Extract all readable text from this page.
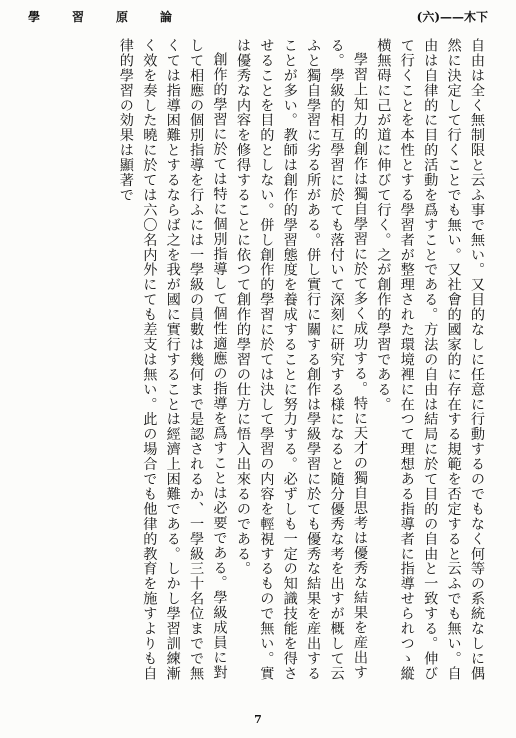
學　習　原　論	(六)——木下

自由は全く無制限と云ふ事で無い。又目的なしに任意に行動するのでもなく何等の系統なしに偶然に決定して行くことでも無い。又社會的國家的に存在する規範を否定すると云ふでも無い。自由は自律的に目的活動を爲すことである。方法の自由は結局に於て目的の自由と一致する。伸びて行くことを本性とする學習者が整理された環境裡に在つて理想ある指導者に指導せられつゝ縱横無碍に己が道に伸びて行く。之が創作的學習である。

學習上知力的創作は獨自學習に於て多く成功する。特に天才の獨自思考は優秀な結果を産出する。學級的相互學習に於ても落付いて深刻に研究する様になると隨分優秀な考を出すが概して云ふと獨自學習に劣る所がある。併し實行に關する創作は學級學習に於ても優秀な結果を産出することが多い。教師は創作的學習態度を養成することに努力する。必ずしも一定の知識技能を得させることを目的としない。併し創作的學習に於ては決して學習の内容を輕視するもので無い。實は優秀な内容を修得することに依つて創作的學習の仕方に悟入出來るのである。

創作的學習に於ては特に個別指導して個性適應の指導を爲すことは必要である。學級成員に對して相應の個別指導を行ふには一學級の員數は幾何まで是認されるか、一學級三十名位までで無くては指導困難とするならば之を我が國に實行することは經濟上困難である。しかし學習訓練漸く效を奏した曉に於ては六〇名内外にても差支は無い。此の場合でも他律的教育を施すよりも自律的學習の効果は顯著で

7
